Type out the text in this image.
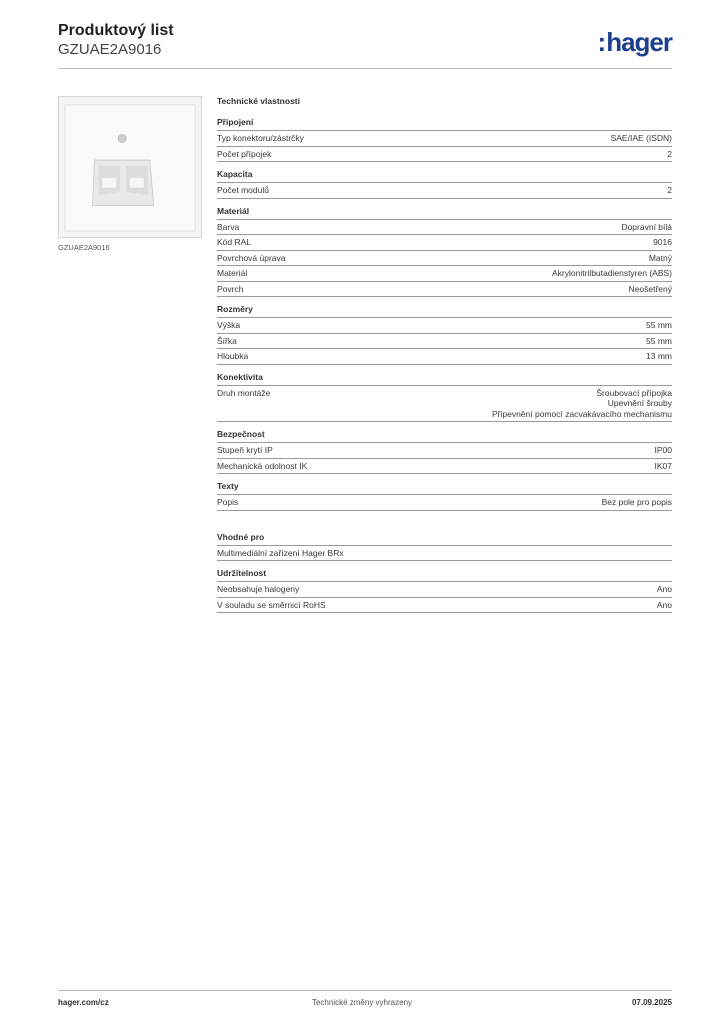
Produktový list
GZUAE2A9016	:hager
GZUAE2A9016
Technické vlastnosti
Připojení
Typ konektoru/zástrčky	SAE/IAE (ISDN)
Počet přípojek	2
Kapacita
Počet modulů	2
Materiál
Barva	Dopravní bílá
Kód RAL	9016
Povrchová úprava	Matný
Materiál	Akrylonitrilbutadienstyren (ABS)
Povrch	Neošetřený
Rozměry
Výška	55 mm
Šířka	55 mm
Hloubka	13 mm
Konektivita
Druh montáže	Šroubovací přípojka
Upevnění šrouby
Připevnění pomocí zacvakávacího mechanismu
Bezpečnost
Stupeň krytí IP	IP00
Mechanická odolnost IK	IK07
Texty
Popis	Bez pole pro popis
Vhodné pro
Multimediální zařízení Hager BRx
Udržitelnost
Neobsahuje halogeny	Ano
V souladu se směrnicí RoHS	Ano
hager.com/cz	Technické změny vyhrazeny	07.09.2025
